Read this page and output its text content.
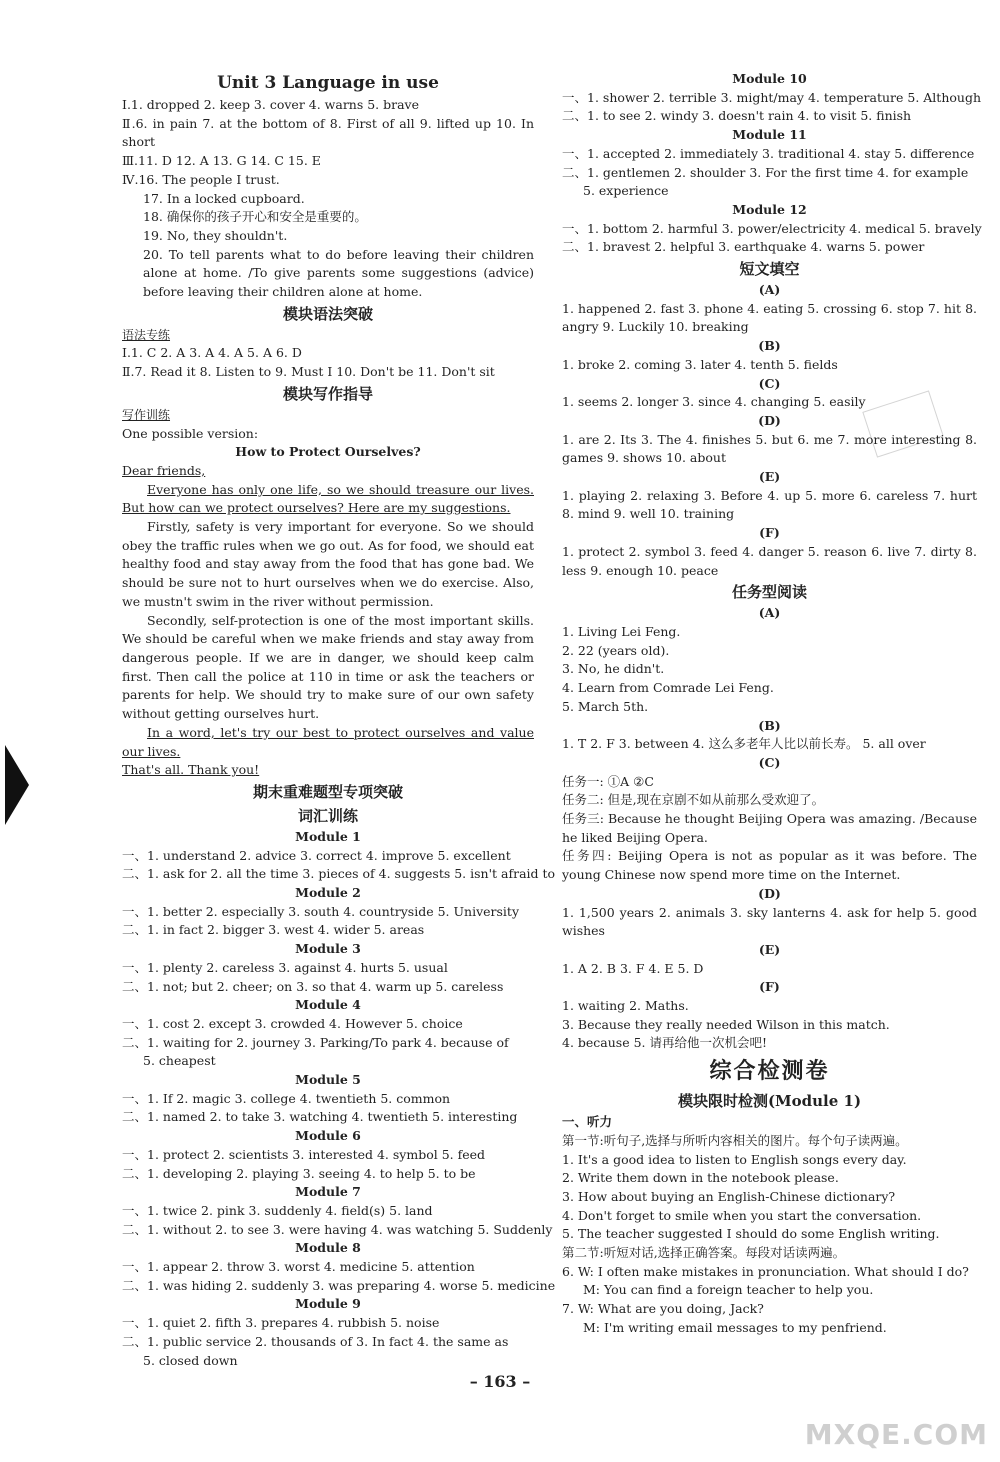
Unit 3 Language in use
Ⅰ.1. dropped 2. keep 3. cover 4. warns 5. brave
Ⅱ.6. in pain 7. at the bottom of 8. First of all 9. lifted up 10. In short
Ⅲ.11. D 12. A 13. G 14. C 15. E
Ⅳ.16. The people I trust.
17. In a locked cupboard.
18. 确保你的孩子开心和安全是重要的。
19. No, they shouldn't.
20. To tell parents what to do before leaving their children alone at home. /To give parents some suggestions (advice) before leaving their children alone at home.
模块语法突破
语法专练
Ⅰ.1. C 2. A 3. A 4. A 5. A 6. D
Ⅱ.7. Read it 8. Listen to 9. Must I 10. Don't be 11. Don't sit
模块写作指导
写作训练
One possible version:
How to Protect Ourselves?
Dear friends,
Everyone has only one life, so we should treasure our lives. But how can we protect ourselves? Here are my suggestions.
Firstly, safety is very important for everyone. So we should obey the traffic rules when we go out. As for food, we should eat healthy food and stay away from the food that has gone bad. We should be sure not to hurt ourselves when we do exercise. Also, we mustn't swim in the river without permission.
Secondly, self-protection is one of the most important skills. We should be careful when we make friends and stay away from dangerous people. If we are in danger, we should keep calm first. Then call the police at 110 in time or ask the teachers or parents for help. We should try to make sure of our own safety without getting ourselves hurt.
In a word, let's try our best to protect ourselves and value our lives.
That's all. Thank you!
期末重难题型专项突破
词汇训练
Module 1
一、1. understand 2. advice 3. correct 4. improve 5. excellent
二、1. ask for 2. all the time 3. pieces of 4. suggests 5. isn't afraid to
Module 2
一、1. better 2. especially 3. south 4. countryside 5. University
二、1. in fact 2. bigger 3. west 4. wider 5. areas
Module 3
一、1. plenty 2. careless 3. against 4. hurts 5. usual
二、1. not; but 2. cheer; on 3. so that 4. warm up 5. careless
Module 4
一、1. cost 2. except 3. crowded 4. However 5. choice
二、1. waiting for 2. journey 3. Parking/To park 4. because of
5. cheapest
Module 5
一、1. If 2. magic 3. college 4. twentieth 5. common
二、1. named 2. to take 3. watching 4. twentieth 5. interesting
Module 6
一、1. protect 2. scientists 3. interested 4. symbol 5. feed
二、1. developing 2. playing 3. seeing 4. to help 5. to be
Module 7
一、1. twice 2. pink 3. suddenly 4. field(s) 5. land
二、1. without 2. to see 3. were having 4. was watching 5. Suddenly
Module 8
一、1. appear 2. throw 3. worst 4. medicine 5. attention
二、1. was hiding 2. suddenly 3. was preparing 4. worse 5. medicine
Module 9
一、1. quiet 2. fifth 3. prepares 4. rubbish 5. noise
二、1. public service 2. thousands of 3. In fact 4. the same as
5. closed down
Module 10
一、1. shower 2. terrible 3. might/may 4. temperature 5. Although
二、1. to see 2. windy 3. doesn't rain 4. to visit 5. finish
Module 11
一、1. accepted 2. immediately 3. traditional 4. stay 5. difference
二、1. gentlemen 2. shoulder 3. For the first time 4. for example
5. experience
Module 12
一、1. bottom 2. harmful 3. power/electricity 4. medical 5. bravely
二、1. bravest 2. helpful 3. earthquake 4. warns 5. power
短文填空
(A)
1. happened 2. fast 3. phone 4. eating 5. crossing 6. stop 7. hit 8. angry 9. Luckily 10. breaking
(B)
1. broke 2. coming 3. later 4. tenth 5. fields
(C)
1. seems 2. longer 3. since 4. changing 5. easily
(D)
1. are 2. Its 3. The 4. finishes 5. but 6. me 7. more interesting 8. games 9. shows 10. about
(E)
1. playing 2. relaxing 3. Before 4. up 5. more 6. careless 7. hurt 8. mind 9. well 10. training
(F)
1. protect 2. symbol 3. feed 4. danger 5. reason 6. live 7. dirty 8. less 9. enough 10. peace
任务型阅读
(A)
1. Living Lei Feng.
2. 22 (years old).
3. No, he didn't.
4. Learn from Comrade Lei Feng.
5. March 5th.
(B)
1. T 2. F 3. between 4. 这么多老年人比以前长寿。 5. all over
(C)
任务一: ①A ②C
任务二: 但是,现在京剧不如从前那么受欢迎了。
任务三: Because he thought Beijing Opera was amazing. /Because he liked Beijing Opera.
任务四: Beijing Opera is not as popular as it was before. The young Chinese now spend more time on the Internet.
(D)
1. 1,500 years 2. animals 3. sky lanterns 4. ask for help 5. good wishes
(E)
1. A 2. B 3. F 4. E 5. D
(F)
1. waiting 2. Maths.
3. Because they really needed Wilson in this match.
4. because 5. 请再给他一次机会吧!
综合检测卷
模块限时检测(Module 1)
一、听力
第一节:听句子,选择与所听内容相关的图片。每个句子读两遍。
1. It's a good idea to listen to English songs every day.
2. Write them down in the notebook please.
3. How about buying an English-Chinese dictionary?
4. Don't forget to smile when you start the conversation.
5. The teacher suggested I should do some English writing.
第二节:听短对话,选择正确答案。每段对话读两遍。
6. W: I often make mistakes in pronunciation. What should I do?
M: You can find a foreign teacher to help you.
7. W: What are you doing, Jack?
M: I'm writing email messages to my penfriend.
– 163 –
MXQE.COM
